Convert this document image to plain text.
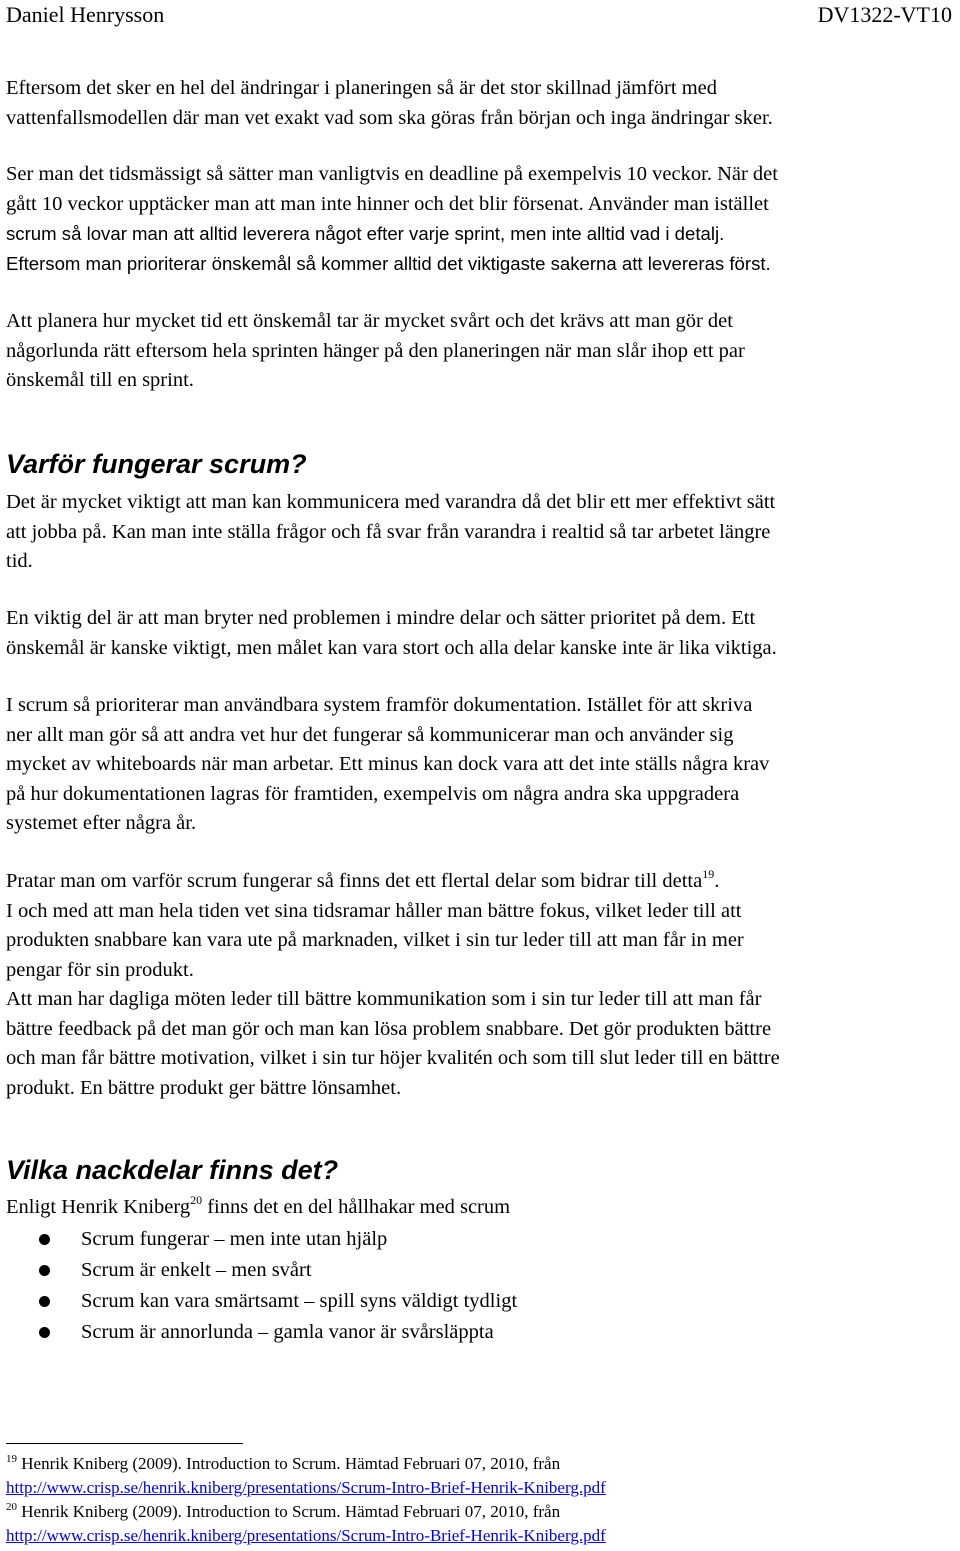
Daniel Henrysson	DV1322-VT10

Eftersom det sker en hel del ändringar i planeringen så är det stor skillnad jämfört med
vattenfallsmodellen där man vet exakt vad som ska göras från början och inga ändringar sker.

Ser man det tidsmässigt så sätter man vanligtvis en deadline på exempelvis 10 veckor. När det
gått 10 veckor upptäcker man att man inte hinner och det blir försenat. Använder man istället
scrum så lovar man att alltid leverera något efter varje sprint, men inte alltid vad i detalj.
Eftersom man prioriterar önskemål så kommer alltid det viktigaste sakerna att levereras först.

Att planera hur mycket tid ett önskemål tar är mycket svårt och det krävs att man gör det
någorlunda rätt eftersom hela sprinten hänger på den planeringen när man slår ihop ett par
önskemål till en sprint.

Varför fungerar scrum?

Det är mycket viktigt att man kan kommunicera med varandra då det blir ett mer effektivt sätt
att jobba på. Kan man inte ställa frågor och få svar från varandra i realtid så tar arbetet längre
tid.

En viktig del är att man bryter ned problemen i mindre delar och sätter prioritet på dem. Ett
önskemål är kanske viktigt, men målet kan vara stort och alla delar kanske inte är lika viktiga.

I scrum så prioriterar man användbara system framför dokumentation. Istället för att skriva
ner allt man gör så att andra vet hur det fungerar så kommunicerar man och använder sig
mycket av whiteboards när man arbetar. Ett minus kan dock vara att det inte ställs några krav
på hur dokumentationen lagras för framtiden, exempelvis om några andra ska uppgradera
systemet efter några år.

Pratar man om varför scrum fungerar så finns det ett flertal delar som bidrar till detta$^{19}$.
I och med att man hela tiden vet sina tidsramar håller man bättre fokus, vilket leder till att
produkten snabbare kan vara ute på marknaden, vilket i sin tur leder till att man får in mer
pengar för sin produkt.
Att man har dagliga möten leder till bättre kommunikation som i sin tur leder till att man får
bättre feedback på det man gör och man kan lösa problem snabbare. Det gör produkten bättre
och man får bättre motivation, vilket i sin tur höjer kvalitén och som till slut leder till en bättre
produkt. En bättre produkt ger bättre lönsamhet.

Vilka nackdelar finns det?

Enligt Henrik Kniberg$^{20}$ finns det en del hållhakar med scrum

Scrum fungerar – men inte utan hjälp
Scrum är enkelt – men svårt
Scrum kan vara smärtsamt – spill syns väldigt tydligt
Scrum är annorlunda – gamla vanor är svårsläppta
$^{19}$ Henrik Kniberg (2009). Introduction to Scrum. Hämtad Februari 07, 2010, från
http://www.crisp.se/henrik.kniberg/presentations/Scrum-Intro-Brief-Henrik-Kniberg.pdf
$^{20}$ Henrik Kniberg (2009). Introduction to Scrum. Hämtad Februari 07, 2010, från
http://www.crisp.se/henrik.kniberg/presentations/Scrum-Intro-Brief-Henrik-Kniberg.pdf
